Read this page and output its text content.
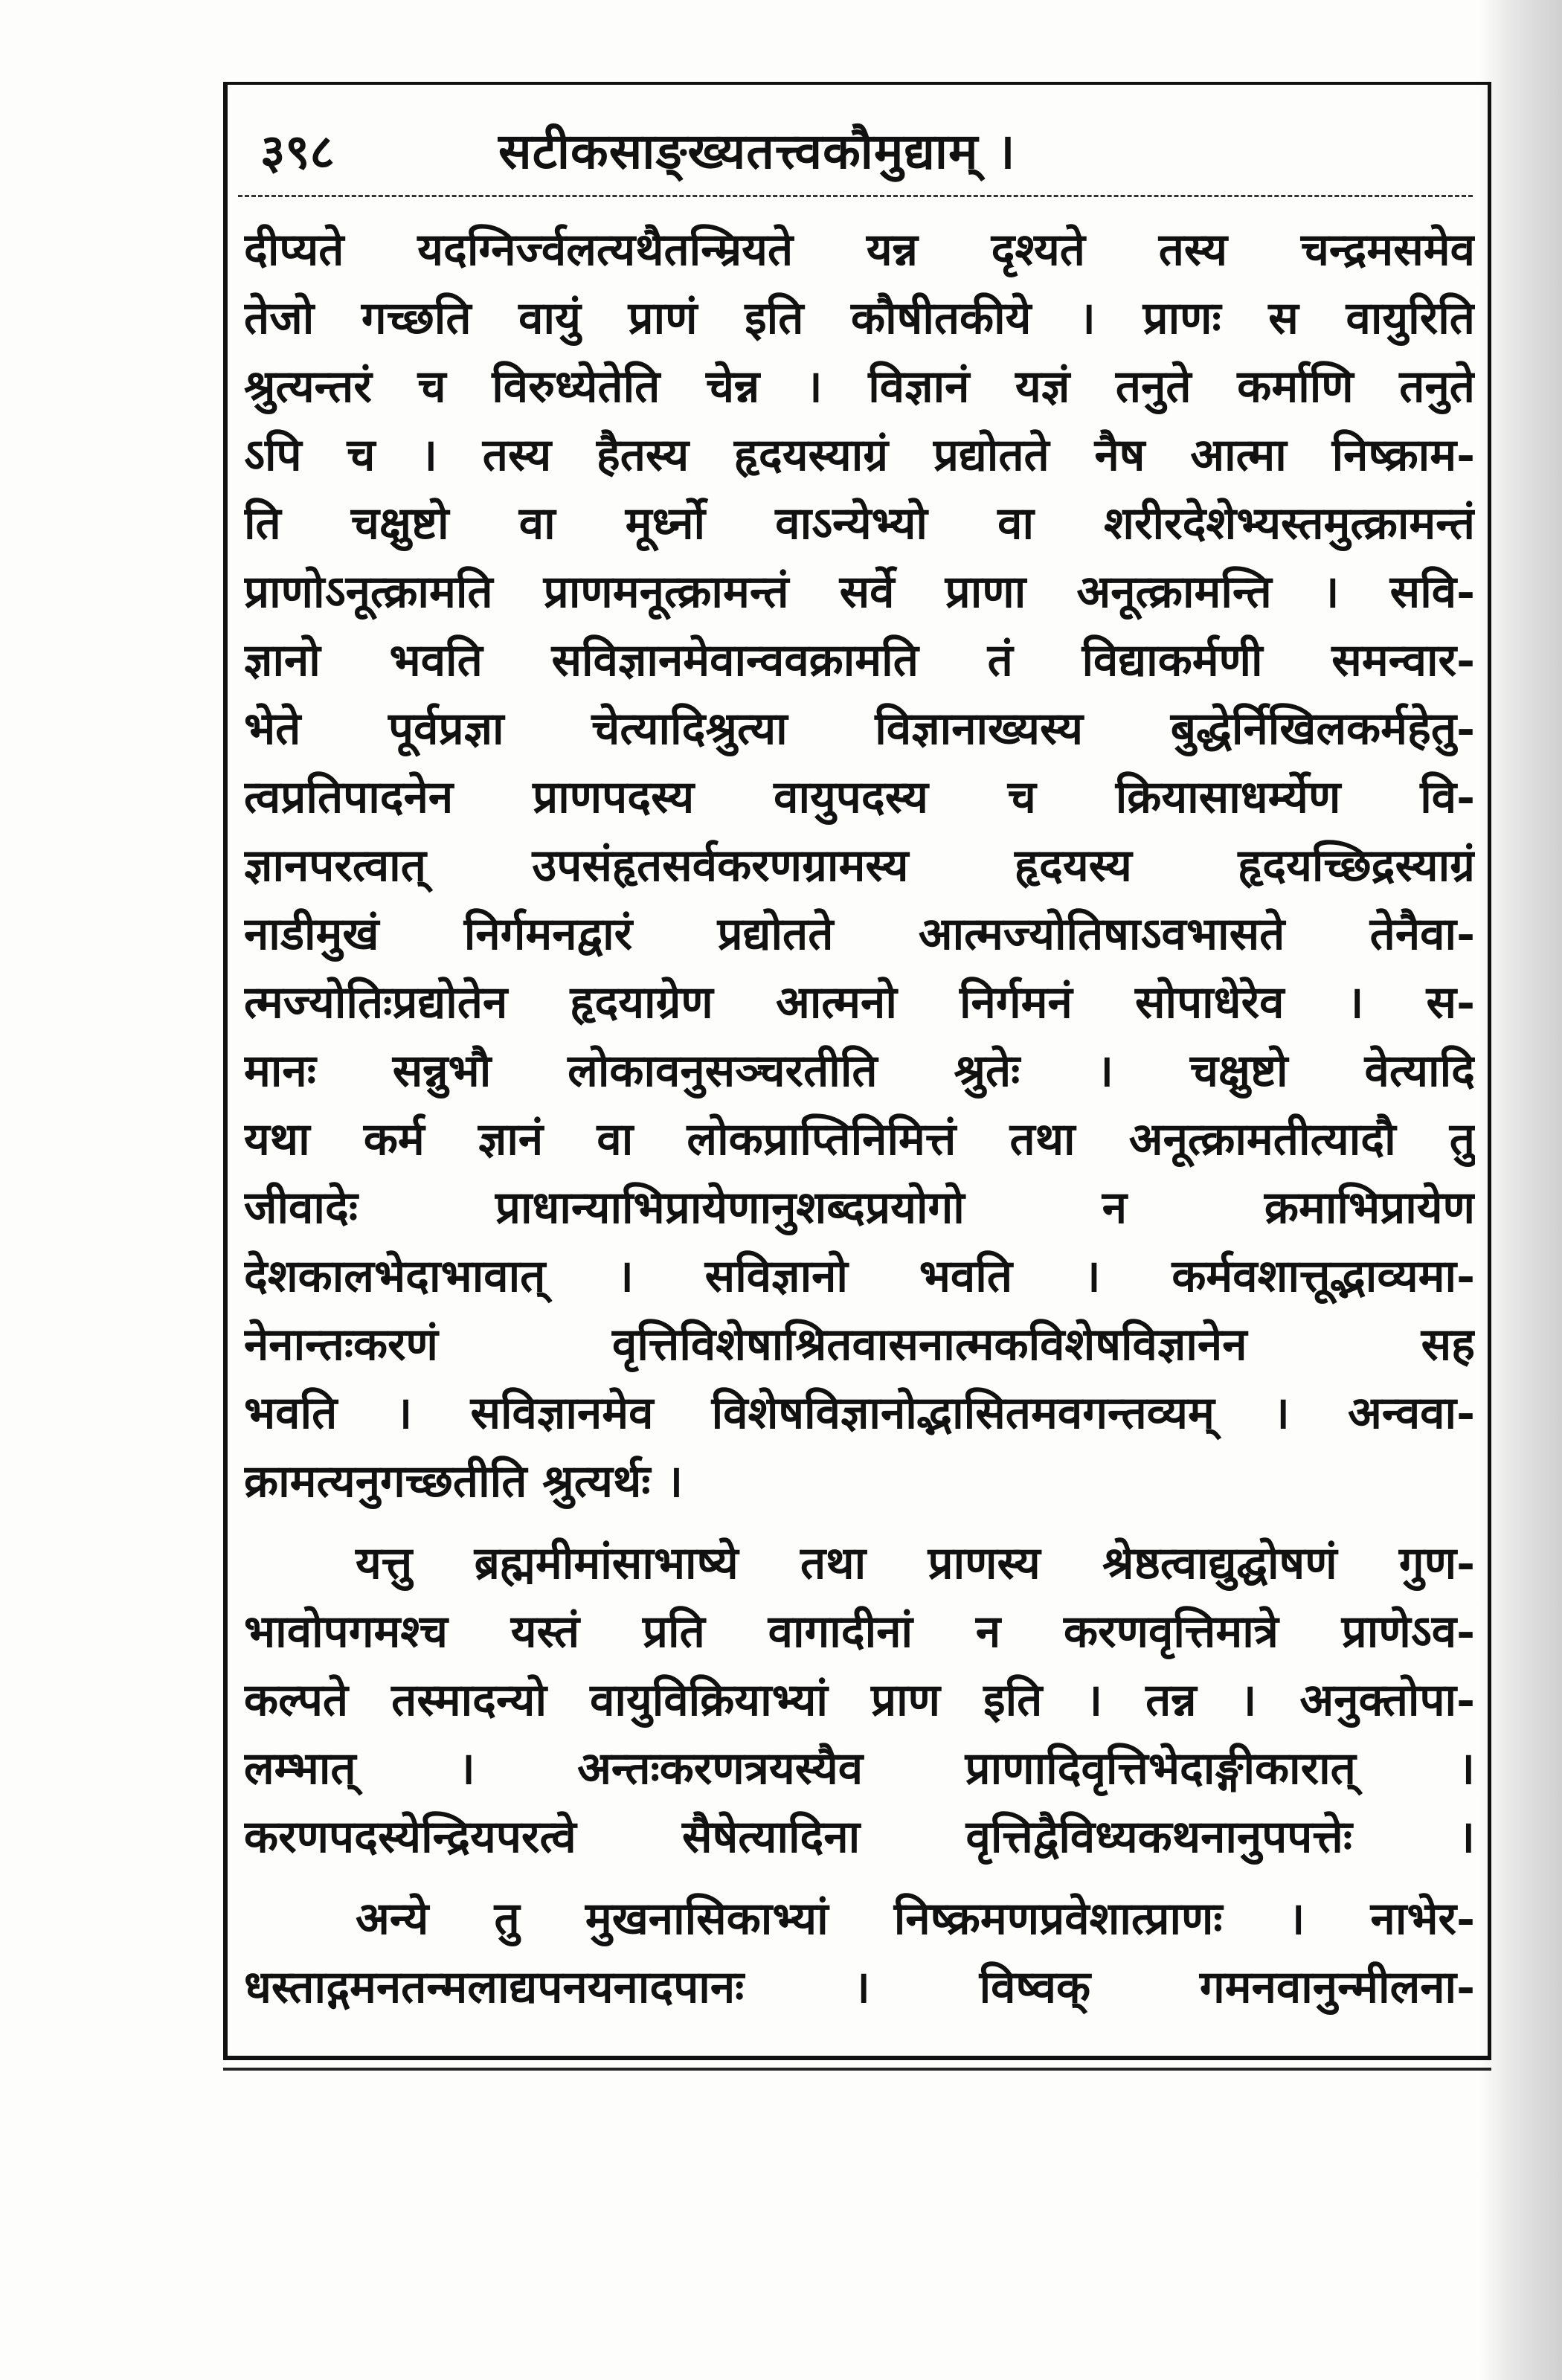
३९८	सटीकसाङ्ख्यतत्त्वकौमुद्याम् ।
दीप्यते यदग्निर्ज्वलत्यथैतन्म्रियते यन्न दृश्यते तस्य चन्द्रमसमेव
तेजो गच्छति वायुं प्राणं इति कौषीतकीये । प्राणः स वायुरिति
श्रुत्यन्तरं च विरुध्येतेति चेन्न । विज्ञानं यज्ञं तनुते कर्माणि तनुते
ऽपि च । तस्य हैतस्य हृदयस्याग्रं प्रद्योतते नैष आत्मा निष्क्राम-
ति चक्षुष्टो वा मूर्ध्नो वाऽन्येभ्यो वा शरीरदेशेभ्यस्तमुत्क्रामन्तं
प्राणोऽनूत्क्रामति प्राणमनूत्क्रामन्तं सर्वे प्राणा अनूत्क्रामन्ति । सवि-
ज्ञानो भवति सविज्ञानमेवान्ववक्रामति तं विद्याकर्मणी समन्वार-
भेते पूर्वप्रज्ञा चेत्यादिश्रुत्या विज्ञानाख्यस्य बुद्धेर्निखिलकर्महेतु-
त्वप्रतिपादनेन प्राणपदस्य वायुपदस्य च क्रियासाधर्म्येण वि-
ज्ञानपरत्वात् उपसंहृतसर्वकरणग्रामस्य हृदयस्य हृदयच्छिद्रस्याग्रं
नाडीमुखं निर्गमनद्वारं प्रद्योतते आत्मज्योतिषाऽवभासते तेनैवा-
त्मज्योतिःप्रद्योतेन हृदयाग्रेण आत्मनो निर्गमनं सोपाधेरेव । स-
मानः सन्नुभौ लोकावनुसञ्चरतीति श्रुतेः । चक्षुष्टो वेत्यादि
यथा कर्म ज्ञानं वा लोकप्राप्तिनिमित्तं तथा अनूत्क्रामतीत्यादौ तु
जीवादेः प्राधान्याभिप्रायेणानुशब्दप्रयोगो न क्रमाभिप्रायेण
देशकालभेदाभावात् । सविज्ञानो भवति । कर्मवशात्तूद्भाव्यमा-
नेनान्तःकरणं वृत्तिविशेषाश्रितवासनात्मकविशेषविज्ञानेन सह
भवति । सविज्ञानमेव विशेषविज्ञानोद्भासितमवगन्तव्यम् । अन्ववा-
क्रामत्यनुगच्छतीति श्रुत्यर्थः ।
यत्तु ब्रह्ममीमांसाभाष्ये तथा प्राणस्य श्रेष्ठत्वाद्युद्घोषणं गुण-
भावोपगमश्च यस्तं प्रति वागादीनां न करणवृत्तिमात्रे प्राणेऽव-
कल्पते तस्मादन्यो वायुविक्रियाभ्यां प्राण इति । तन्न । अनुक्तोपा-
लम्भात् । अन्तःकरणत्रयस्यैव प्राणादिवृत्तिभेदाङ्गीकारात् ।
करणपदस्येन्द्रियपरत्वे सैषेत्यादिना वृत्तिद्वैविध्यकथनानुपपत्तेः ।
अन्ये तु मुखनासिकाभ्यां निष्क्रमणप्रवेशात्प्राणः । नाभेर-
धस्ताद्गमनतन्मलाद्यपनयनादपानः । विष्वक् गमनवानुन्मीलना-
